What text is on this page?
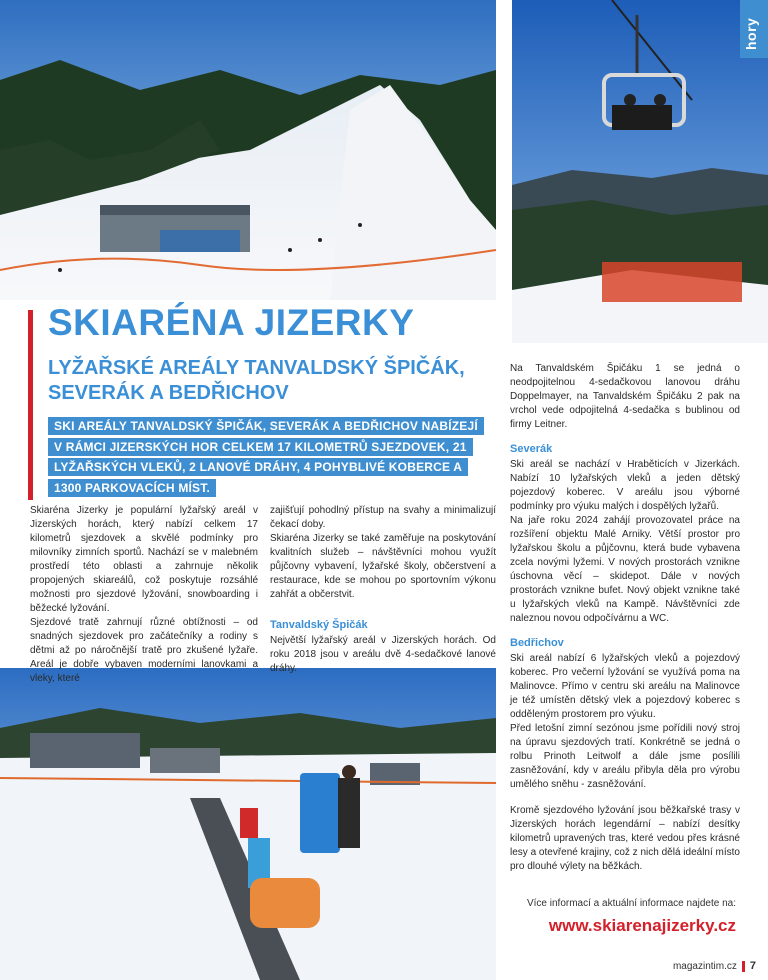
hory
SKIARÉNA JIZERKY
LYŽAŘSKÉ AREÁLY TANVALDSKÝ ŠPIČÁK, SEVERÁK A BEDŘICHOV
SKI AREÁLY TANVALDSKÝ ŠPIČÁK, SEVERÁK A BEDŘICHOV NABÍZEJÍ V RÁMCI JIZERSKÝCH HOR CELKEM 17 KILOMETRŮ SJEZDOVEK, 21 LYŽAŘSKÝCH VLEKŮ, 2 LANOVÉ DRÁHY, 4 POHYBLIVÉ KOBERCE A 1300 PARKOVACÍCH MÍST.

Skiaréna Jizerky je populární lyžařský areál v Jizerských horách, který nabízí celkem 17 kilometrů sjezdovek a skvělé podmínky pro milovníky zimních sportů. Nachází se v malebném prostředí této oblasti a zahrnuje několik propojených skiareálů, což poskytuje rozsáhlé možnosti pro sjezdové lyžování, snowboarding i běžecké lyžování.

Sjezdové tratě zahrnují různé obtížnosti – od snadných sjezdovek pro začátečníky a rodiny s dětmi až po náročnější tratě pro zkušené lyžaře. Areál je dobře vybaven moderními lanovkami a vleky, které

zajišťují pohodlný přístup na svahy a minimalizují čekací doby.

Skiaréna Jizerky se také zaměřuje na poskytování kvalitních služeb – návštěvníci mohou využít půjčovny vybavení, lyžařské školy, občerstvení a restaurace, kde se mohou po sportovním výkonu zahřát a občerstvit.

Tanvaldský Špičák

Největší lyžařský areál v Jizerských horách. Od roku 2018 jsou v areálu dvě 4-sedačkové lanové dráhy.

Na Tanvaldském Špičáku 1 se jedná o neodpojitelnou 4-sedačkovou lanovou dráhu Doppelmayer, na Tanvaldském Špičáku 2 pak na vrchol vede odpojitelná 4-sedačka s bublinou od firmy Leitner.

Severák

Ski areál se nachází v Hraběticích v Jizerkách. Nabízí 10 lyžařských vleků a jeden dětský pojezdový koberec. V areálu jsou výborné podmínky pro výuku malých i dospělých lyžařů.

Na jaře roku 2024 zahájí provozovatel práce na rozšíření objektu Malé Arniky. Větší prostor pro lyžařskou školu a půjčovnu, která bude vybavena zcela novými lyžemi. V nových prostorách vznikne úschovna věcí – skidepot. Dále v nových prostorách vznikne bufet. Nový objekt vznikne také u lyžařských vleků na Kampě. Návštěvníci zde naleznou novou odpočívárnu a WC.

Bedřichov

Ski areál nabízí 6 lyžařských vleků a pojezdový koberec. Pro večerní lyžování se využívá poma na Malinovce. Přímo v centru ski areálu na Malinovce je též umístěn dětský vlek a pojezdový koberec s odděleným prostorem pro výuku.

Před letošní zimní sezónou jsme pořídili nový stroj na úpravu sjezdových tratí. Konkrétně se jedná o rolbu Prinoth Leitwolf a dále jsme posílili zasněžování, kdy v areálu přibyla děla pro výrobu umělého sněhu - zasněžování.

Kromě sjezdového lyžování jsou běžkařské trasy v Jizerských horách legendární – nabízí desítky kilometrů upravených tras, které vedou přes krásné lesy a otevřené krajiny, což z nich dělá ideální místo pro dlouhé výlety na běžkách.

Více informací a aktuální informace najdete na:
www.skiarenajizerky.cz
magazintim.cz 7
